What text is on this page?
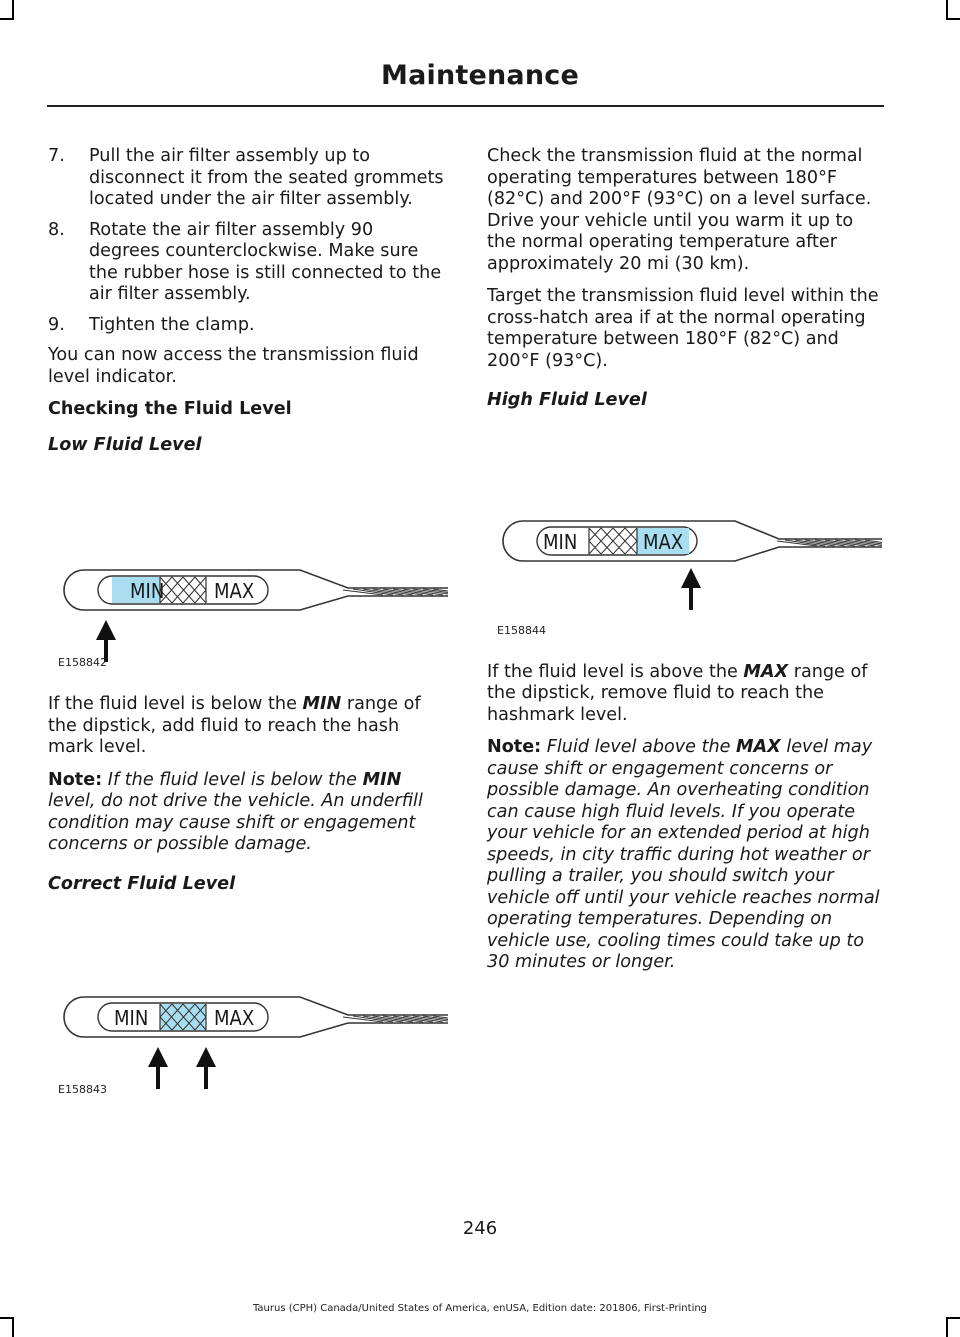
Maintenance
7.	Pull the air filter assembly up to disconnect it from the seated grommets located under the air filter assembly.
8.	Rotate the air filter assembly 90 degrees counterclockwise. Make sure the rubber hose is still connected to the air filter assembly.
9.	Tighten the clamp.

You can now access the transmission fluid level indicator.

Checking the Fluid Level
Low Fluid Level
MIN MAX
E158842

If the fluid level is below the MIN range of the dipstick, add fluid to reach the hash mark level.

Note: If the fluid level is below the MIN level, do not drive the vehicle. An underfill condition may cause shift or engagement concerns or possible damage.

Correct Fluid Level
MIN	MAX
E158843

Check the transmission fluid at the normal operating temperatures between 180°F (82°C) and 200°F (93°C) on a level surface. Drive your vehicle until you warm it up to the normal operating temperature after approximately 20 mi (30 km).

Target the transmission fluid level within the cross-hatch area if at the normal operating temperature between 180°F (82°C) and 200°F (93°C).

High Fluid Level
MIN	MAX
E158844

If the fluid level is above the MAX range of the dipstick, remove fluid to reach the hashmark level.

Note: Fluid level above the MAX level may cause shift or engagement concerns or possible damage. An overheating condition can cause high fluid levels. If you operate your vehicle for an extended period at high speeds, in city traffic during hot weather or pulling a trailer, you should switch your vehicle off until your vehicle reaches normal operating temperatures. Depending on vehicle use, cooling times could take up to 30 minutes or longer.

246
Taurus (CPH) Canada/United States of America, enUSA, Edition date: 201806, First-Printing
